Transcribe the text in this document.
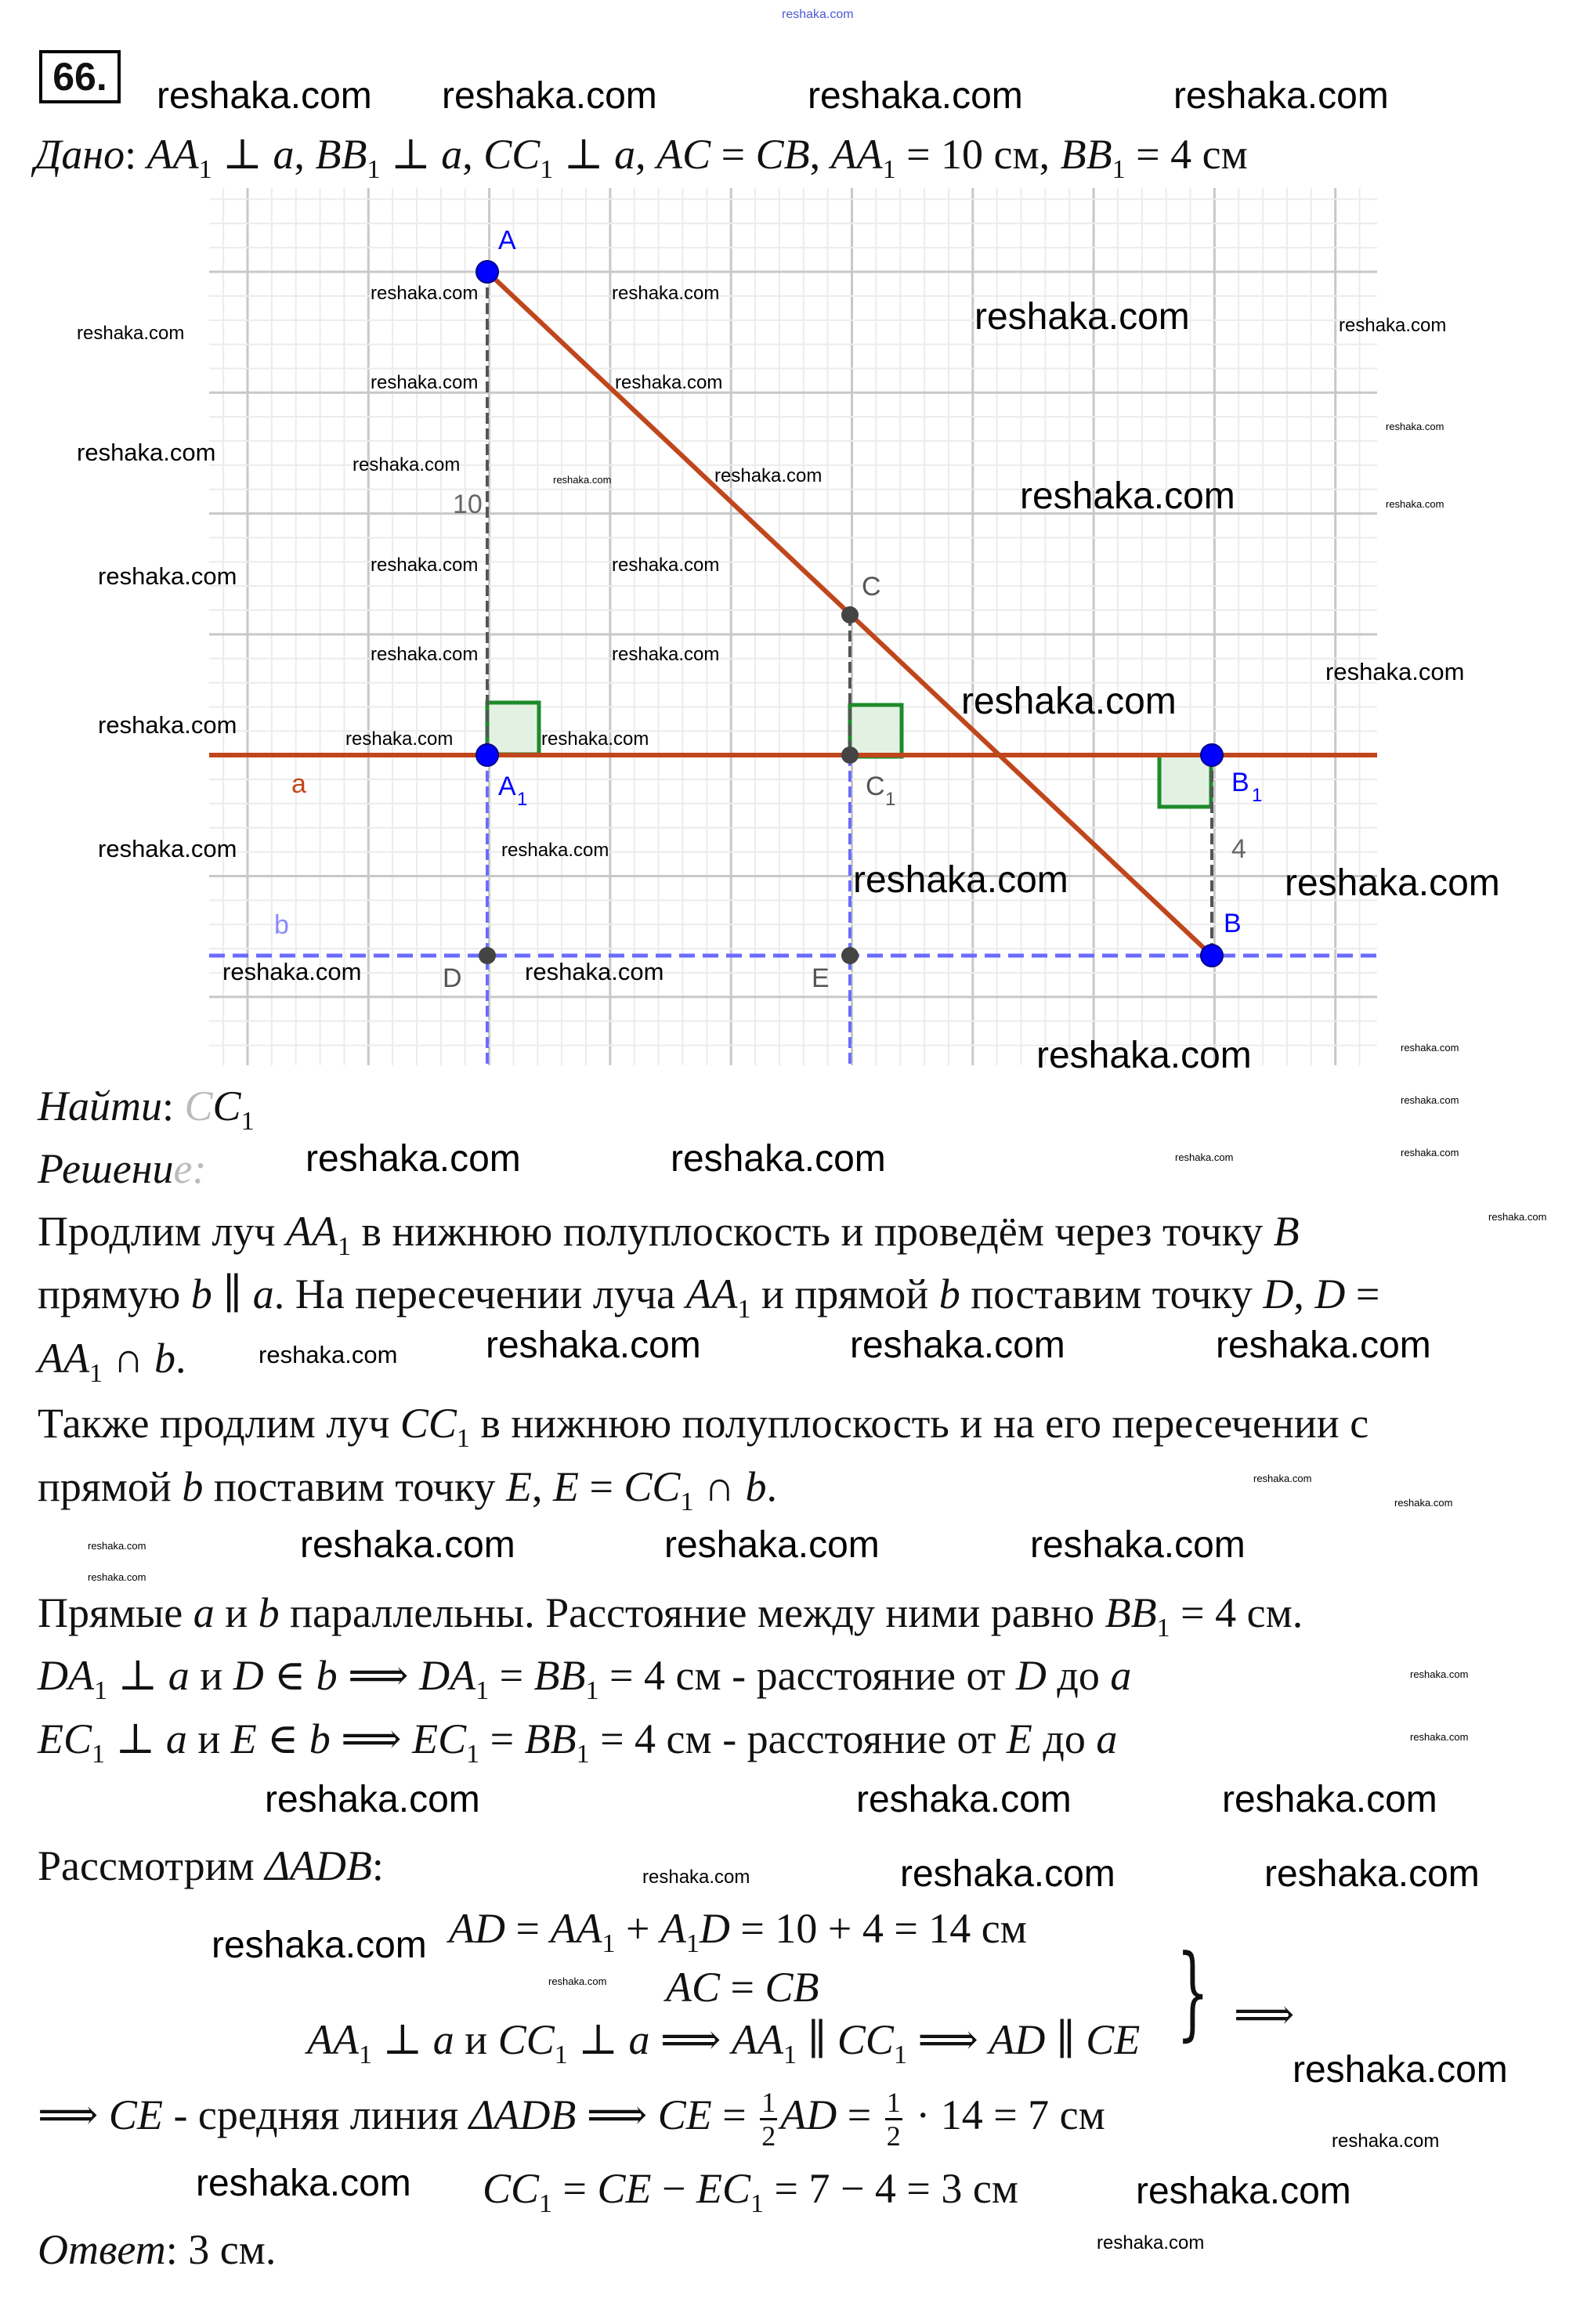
66.
A
10
C
A 1	C 1
B 1
4
B
a
b
D	E
Дано: $AA_1$ ⊥ a, $BB_1$ ⊥ a, $CC_1$ ⊥ a, AC = CB, $AA_1 = 10$ см, $BB_1 = 4$ см
Найти: $CC_1$
Решение:
Продлим луч $AA_1$ в нижнюю полуплоскость и проведём через точку B
прямую b ∥ a. На пересечении луча $AA_1$ и прямой b поставим точку D, D =
$AA_1$ ∩ b.
Также продлим луч $CC_1$ в нижнюю полуплоскость и на его пересечении с
прямой b поставим точку E, $E = CC_1$ ∩ b.
Прямые a и b параллельны. Расстояние между ними равно $BB_1 = 4$ см.
$DA_1$ ⊥ a и D ∈ b ⟹ $DA_1 = BB_1 = 4$ см - расстояние от D до a
$EC_1$ ⊥ a и E ∈ b ⟹ $EC_1 = BB_1 = 4$ см - расстояние от E до a
Рассмотрим ΔADB:
AD = $AA_1 + A_1D = 10 + 4 = 14$ см
AC = CB
$AA_1$ ⊥ a и $CC_1$ ⊥ a ⟹ $AA_1$ ∥ $CC_1$ ⟹ AD ∥ CE
⟹ CE - средняя линия ΔADB ⟹ CE = $\frac{1}{2}$ AD = $\frac{1}{2} \cdot 14 = 7$ см
$CC_1$ = CE − $EC_1 = 7 - 4 = 3$ см
Ответ: 3 см.
} ⟹
reshaka.com
reshaka.com reshaka.com	reshaka.com	reshaka.com
reshaka.com
reshaka.com
reshaka.com
reshaka.com	reshaka.com
reshaka.com
reshaka.com	reshaka.com
reshaka.com	reshaka.com	reshaka.com
reshaka.com	reshaka.com	reshaka.com
reshaka.com	reshaka.com
reshaka.com
reshaka.com	reshaka.com
reshaka.com
reshaka.com
reshaka.com	reshaka.com
reshaka.com
reshaka.com
reshaka.com
reshaka.com
reshaka.com
reshaka.com	reshaka.com
reshaka.com
reshaka.com
reshaka.com	reshaka.com
reshaka.com	reshaka.com
reshaka.com
reshaka.com
reshaka.com	reshaka.com
reshaka.com	reshaka.com
reshaka.com	reshaka.com
reshaka.com
reshaka.com
reshaka.com
reshaka.com
reshaka.com
reshaka.com
reshaka.com
reshaka.com
reshaka.com
reshaka.com
reshaka.com
reshaka.com
reshaka.com
reshaka.com
reshaka.com
reshaka.com
reshaka.com
reshaka.com
reshaka.com
reshaka.com
